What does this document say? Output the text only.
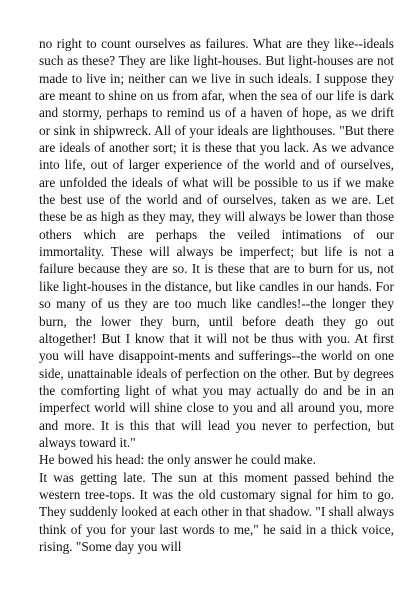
no right to count ourselves as failures. What are they like--ideals such as these? They are like light-houses. But light-houses are not made to live in; neither can we live in such ideals. I suppose they are meant to shine on us from afar, when the sea of our life is dark and stormy, perhaps to remind us of a haven of hope, as we drift or sink in shipwreck. All of your ideals are lighthouses. "But there are ideals of another sort; it is these that you lack. As we advance into life, out of larger experience of the world and of ourselves, are unfolded the ideals of what will be possible to us if we make the best use of the world and of ourselves, taken as we are. Let these be as high as they may, they will always be lower than those others which are perhaps the veiled intimations of our immortality. These will always be imperfect; but life is not a failure because they are so. It is these that are to burn for us, not like light-houses in the distance, but like candles in our hands. For so many of us they are too much like candles!--the longer they burn, the lower they burn, until before death they go out altogether! But I know that it will not be thus with you. At first you will have disappoint-ments and sufferings--the world on one side, unattainable ideals of perfection on the other. But by degrees the comforting light of what you may actually do and be in an imperfect world will shine close to you and all around you, more and more. It is this that will lead you never to perfection, but always toward it."

He bowed his head: the only answer he could make.

It was getting late. The sun at this moment passed behind the western tree-tops. It was the old customary signal for him to go. They suddenly looked at each other in that shadow. "I shall always think of you for your last words to me," he said in a thick voice, rising. "Some day you will
